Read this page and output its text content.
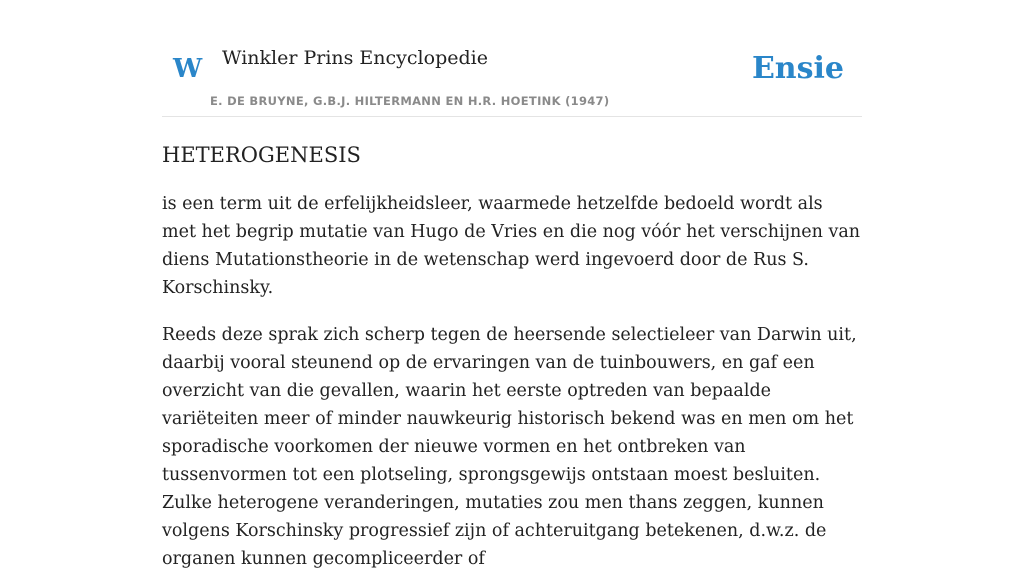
W Winkler Prins Encyclopedie
E. DE BRUYNE, G.B.J. HILTERMANN EN H.R. HOETINK (1947)
Ensie
HETEROGENESIS

is een term uit de erfelijkheidsleer, waarmede hetzelfde bedoeld wordt als met het begrip mutatie van Hugo de Vries en die nog vóór het verschijnen van diens Mutationstheorie in de wetenschap werd ingevoerd door de Rus S. Korschinsky.

Reeds deze sprak zich scherp tegen de heersende selectieleer van Darwin uit, daarbij vooral steunend op de ervaringen van de tuinbouwers, en gaf een overzicht van die gevallen, waarin het eerste optreden van bepaalde variëteiten meer of minder nauwkeurig historisch bekend was en men om het sporadische voorkomen der nieuwe vormen en het ontbreken van tussenvormen tot een plotseling, sprongsgewijs ontstaan moest besluiten. Zulke heterogene veranderingen, mutaties zou men thans zeggen, kunnen volgens Korschinsky progressief zijn of achteruitgang betekenen, d.w.z. de organen kunnen gecompliceerder of
